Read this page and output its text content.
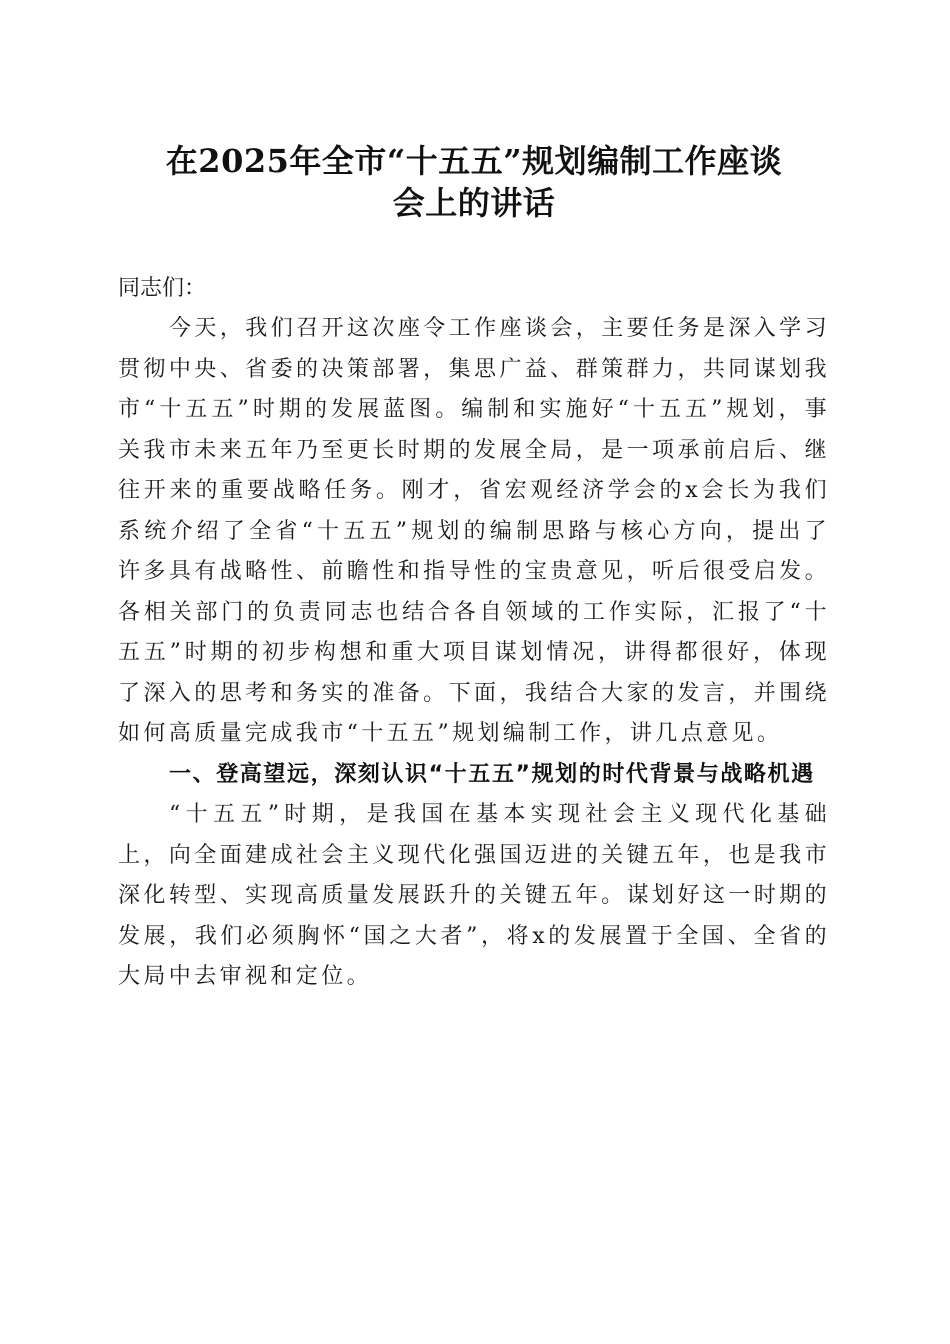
在2025年全市“十五五”规划编制工作座谈
会上的讲话

同志们：

今天，我们召开这次座令工作座谈会，主要任务是深入学习贯彻中央、省委的决策部署，集思广益、群策群力，共同谋划我市“十五五”时期的发展蓝图。编制和实施好“十五五”规划，事关我市未来五年乃至更长时期的发展全局，是一项承前启后、继往开来的重要战略任务。刚才，省宏观经济学会的x会长为我们系统介绍了全省“十五五”规划的编制思路与核心方向，提出了许多具有战略性、前瞻性和指导性的宝贵意见，听后很受启发。各相关部门的负责同志也结合各自领域的工作实际，汇报了“十五五”时期的初步构想和重大项目谋划情况，讲得都很好，体现了深入的思考和务实的准备。下面，我结合大家的发言，并围绕如何高质量完成我市“十五五”规划编制工作，讲几点意见。

一、登高望远，深刻认识“十五五”规划的时代背景与战略机遇

“十五五”时期，是我国在基本实现社会主义现代化基础上，向全面建成社会主义现代化强国迈进的关键五年，也是我市深化转型、实现高质量发展跃升的关键五年。谋划好这一时期的发展，我们必须胸怀“国之大者”，将x的发展置于全国、全省的大局中去审视和定位。
